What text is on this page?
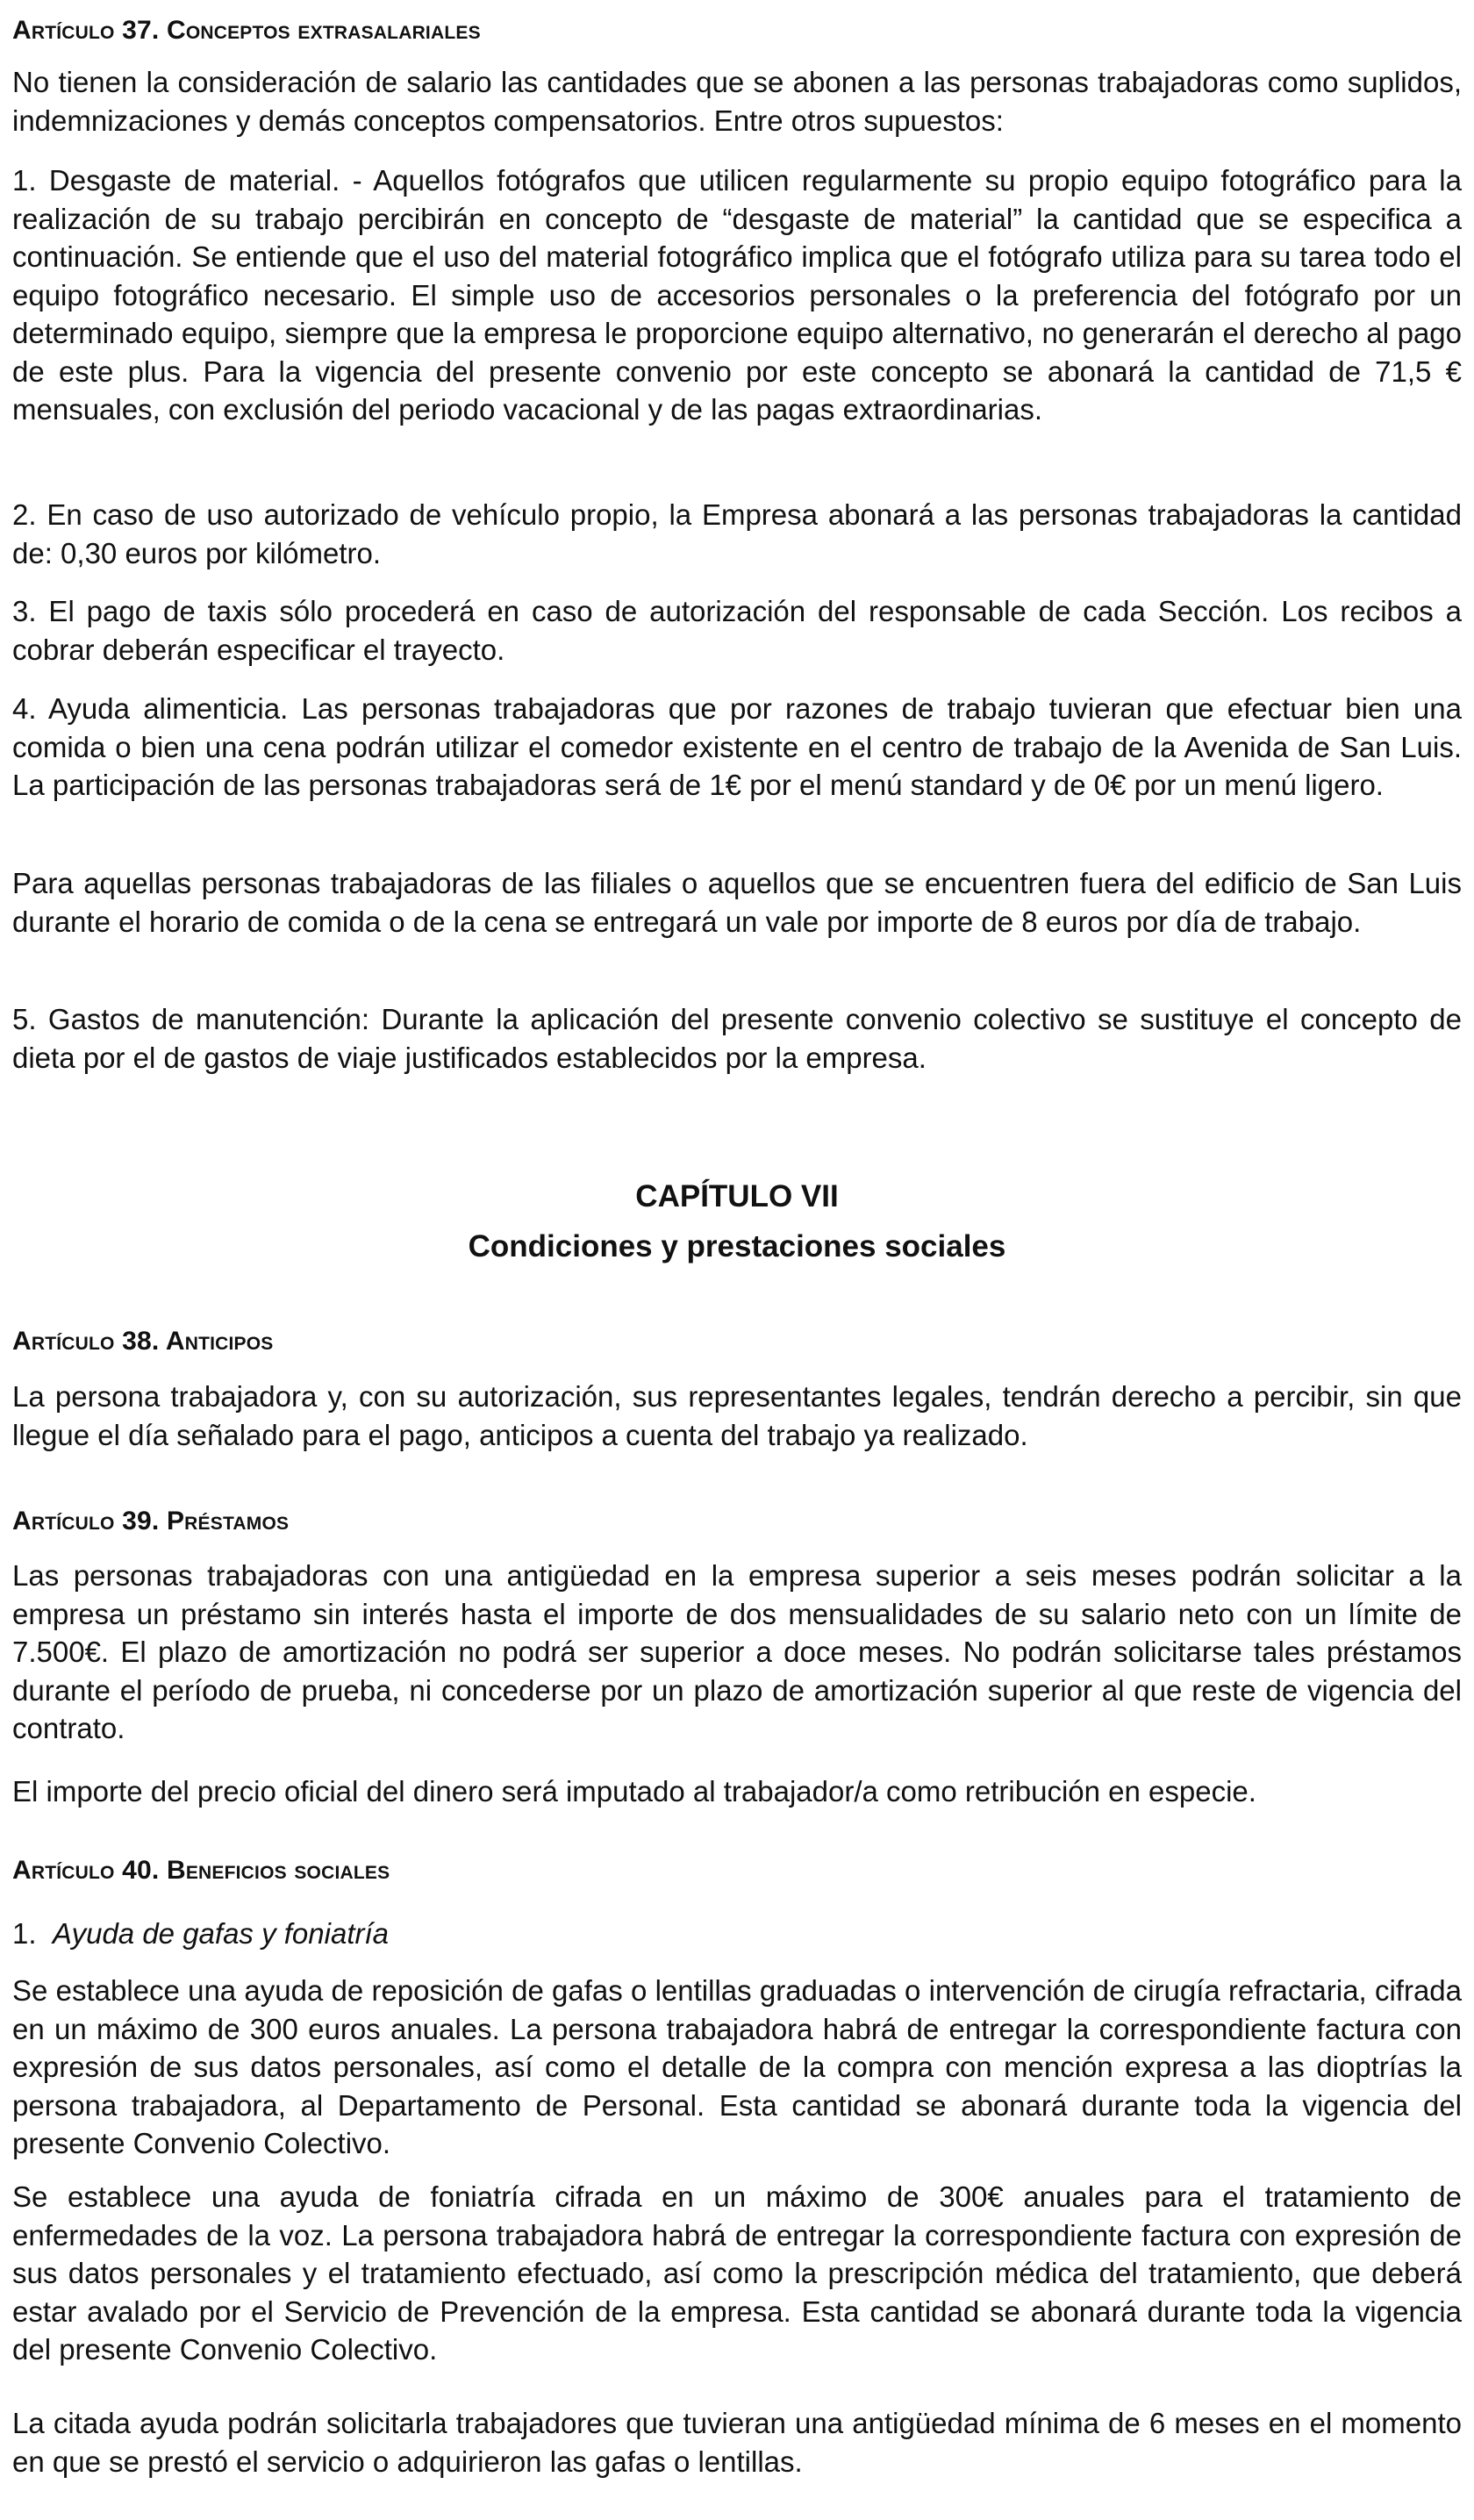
Artículo 37. Conceptos extrasalariales
No tienen la consideración de salario las cantidades que se abonen a las personas trabajadoras como suplidos, indemnizaciones y demás conceptos compensatorios. Entre otros supuestos:
1. Desgaste de material. - Aquellos fotógrafos que utilicen regularmente su propio equipo fotográfico para la realización de su trabajo percibirán en concepto de “desgaste de material” la cantidad que se especifica a continuación. Se entiende que el uso del material fotográfico implica que el fotógrafo utiliza para su tarea todo el equipo fotográfico necesario. El simple uso de accesorios personales o la preferencia del fotógrafo por un determinado equipo, siempre que la empresa le proporcione equipo alternativo, no generarán el derecho al pago de este plus. Para la vigencia del presente convenio por este concepto se abonará la cantidad de 71,5 € mensuales, con exclusión del periodo vacacional y de las pagas extraordinarias.
2. En caso de uso autorizado de vehículo propio, la Empresa abonará a las personas trabajadoras la cantidad de: 0,30 euros por kilómetro.
3. El pago de taxis sólo procederá en caso de autorización del responsable de cada Sección. Los recibos a cobrar deberán especificar el trayecto.
4. Ayuda alimenticia. Las personas trabajadoras que por razones de trabajo tuvieran que efectuar bien una comida o bien una cena podrán utilizar el comedor existente en el centro de trabajo de la Avenida de San Luis. La participación de las personas trabajadoras será de 1€ por el menú standard y de 0€ por un menú ligero.
Para aquellas personas trabajadoras de las filiales o aquellos que se encuentren fuera del edificio de San Luis durante el horario de comida o de la cena se entregará un vale por importe de 8 euros por día de trabajo.
5. Gastos de manutención: Durante la aplicación del presente convenio colectivo se sustituye el concepto de dieta por el de gastos de viaje justificados establecidos por la empresa.
CAPÍTULO VII
Condiciones y prestaciones sociales
Artículo 38. Anticipos
La persona trabajadora y, con su autorización, sus representantes legales, tendrán derecho a percibir, sin que llegue el día señalado para el pago, anticipos a cuenta del trabajo ya realizado.
Artículo 39. Préstamos
Las personas trabajadoras con una antigüedad en la empresa superior a seis meses podrán solicitar a la empresa un préstamo sin interés hasta el importe de dos mensualidades de su salario neto con un límite de 7.500€. El plazo de amortización no podrá ser superior a doce meses. No podrán solicitarse tales préstamos durante el período de prueba, ni concederse por un plazo de amortización superior al que reste de vigencia del contrato.
El importe del precio oficial del dinero será imputado al trabajador/a como retribución en especie.
Artículo 40. Beneficios sociales
1. Ayuda de gafas y foniatría
Se establece una ayuda de reposición de gafas o lentillas graduadas o intervención de cirugía refractaria, cifrada en un máximo de 300 euros anuales. La persona trabajadora habrá de entregar la correspondiente factura con expresión de sus datos personales, así como el detalle de la compra con mención expresa a las dioptrías la persona trabajadora, al Departamento de Personal. Esta cantidad se abonará durante toda la vigencia del presente Convenio Colectivo.
Se establece una ayuda de foniatría cifrada en un máximo de 300€ anuales para el tratamiento de enfermedades de la voz. La persona trabajadora habrá de entregar la correspondiente factura con expresión de sus datos personales y el tratamiento efectuado, así como la prescripción médica del tratamiento, que deberá estar avalado por el Servicio de Prevención de la empresa. Esta cantidad se abonará durante toda la vigencia del presente Convenio Colectivo.
La citada ayuda podrán solicitarla trabajadores que tuvieran una antigüedad mínima de 6 meses en el momento en que se prestó el servicio o adquirieron las gafas o lentillas.
